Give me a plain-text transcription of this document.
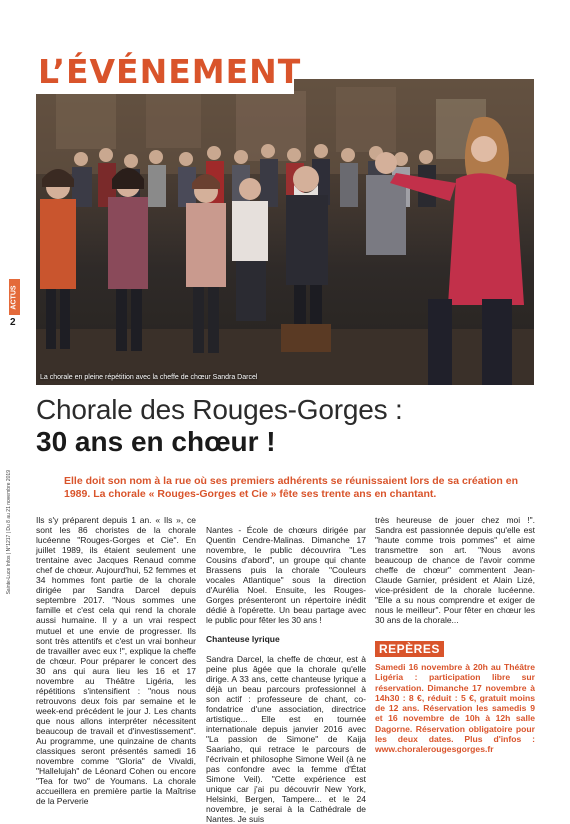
L’ÉVÉNEMENT
La chorale en pleine répétition avec la cheffe de chœur Sandra Darcel
ACTUS
2
Sainte-Luce Infos | N°1217 | Du 8 au 21 novembre 2019
Chorale des Rouges-Gorges :
30 ans en chœur !
Elle doit son nom à la rue où ses premiers adhérents se réunissaient lors de sa création en 1989. La chorale « Rouges-Gorges et Cie » fête ses trente ans en chantant.
Ils s'y préparent depuis 1 an. « Ils », ce sont les 86 choristes de la chorale lucéenne "Rouges-Gorges et Cie". En juillet 1989, ils étaient seulement une trentaine avec Jacques Renaud comme chef de chœur. Aujourd'hui, 52 femmes et 34 hommes font partie de la chorale dirigée par Sandra Darcel depuis septembre 2017. "Nous sommes une famille et c'est cela qui rend la chorale aussi humaine. Il y a un vrai respect mutuel et une envie de progresser. Ils sont très attentifs et c'est un vrai bonheur de travailler avec eux !", explique la cheffe de chœur. Pour préparer le concert des 30 ans qui aura lieu les 16 et 17 novembre au Théâtre Ligéria, les répétitions s'intensifient : "nous nous retrouvons deux fois par semaine et le week-end précédent le jour J. Les chants que nous allons interpréter nécessitent beaucoup de travail et d'investissement". Au programme, une quinzaine de chants classiques seront présentés samedi 16 novembre comme "Gloria" de Vivaldi, "Hallelujah" de Léonard Cohen ou encore "Tea for two" de Youmans. La chorale accueillera en première partie la Maîtrise de la Perverie

Nantes - École de chœurs dirigée par Quentin Cendre-Malinas. Dimanche 17 novembre, le public découvrira "Les Cousins d'abord", un groupe qui chante Brassens puis la chorale "Couleurs vocales Atlantique" sous la direction d'Aurélia Noel. Ensuite, les Rouges-Gorges présenteront un répertoire inédit dédié à l'opérette. Un beau partage avec le public pour fêter les 30 ans !

Chanteuse lyrique

Sandra Darcel, la cheffe de chœur, est à peine plus âgée que la chorale qu'elle dirige. A 33 ans, cette chanteuse lyrique a déjà un beau parcours professionnel à son actif : professeure de chant, co-fondatrice d'une association, directrice artistique... Elle est en tournée internationale depuis janvier 2016 avec "La passion de Simone" de Kaija Saariaho, qui retrace le parcours de l'écrivain et philosophe Simone Weil (à ne pas confondre avec la femme d'État Simone Veil). "Cette expérience est unique car j'ai pu découvrir New York, Helsinki, Bergen, Tampere... et le 24 novembre, je serai à la Cathédrale de Nantes. Je suis

très heureuse de jouer chez moi !". Sandra est passionnée depuis qu'elle est "haute comme trois pommes" et aime transmettre son art. "Nous avons beaucoup de chance de l'avoir comme cheffe de chœur" commentent Jean-Claude Garnier, président et Alain Lizé, vice-président de la chorale lucéenne. "Elle a su nous comprendre et exiger de nous le meilleur". Pour fêter en chœur les 30 ans de la chorale...
REPÈRES
Samedi 16 novembre à 20h au Théâtre Ligéria : participation libre sur réservation. Dimanche 17 novembre à 14h30 : 8 €, réduit : 5 €, gratuit moins de 12 ans. Réservation les samedis 9 et 16 novembre de 10h à 12h salle Dagorne. Réservation obligatoire pour les deux dates. Plus d'infos : www.choralerougesgorges.fr
